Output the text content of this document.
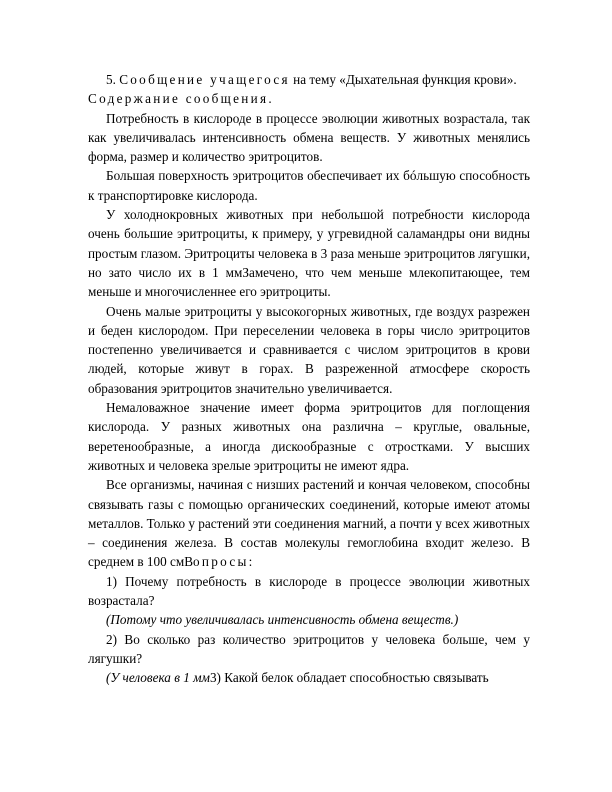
5. Сообщение учащегося на тему «Дыхательная функция крови».

Содержание сообщения.

Потребность в кислороде в процессе эволюции животных возрастала, так как увеличивалась интенсивность обмена веществ. У животных менялись форма, размер и количество эритроцитов.

Большая поверхность эритроцитов обеспечивает их бóльшую способность к транспортировке кислорода.

У холоднокровных животных при небольшой потребности кислорода очень большие эритроциты, к примеру, у угревидной саламандры они видны простым глазом. Эритроциты человека в 3 раза меньше эритроцитов лягушки, но зато число их в 1 ммЗамечено, что чем меньше млекопитающее, тем меньше и многочисленнее его эритроциты.

Очень малые эритроциты у высокогорных животных, где воздух разрежен и беден кислородом. При переселении человека в горы число эритроцитов постепенно увеличивается и сравнивается с числом эритроцитов в крови людей, которые живут в горах. В разреженной атмосфере скорость образования эритроцитов значительно увеличивается.

Немаловажное значение имеет форма эритроцитов для поглощения кислорода. У разных животных она различна – круглые, овальные, веретенообразные, а иногда дискообразные с отростками. У высших животных и человека зрелые эритроциты не имеют ядра.

Все организмы, начиная с низших растений и кончая человеком, способны связывать газы с помощью органических соединений, которые имеют атомы металлов. Только у растений эти соединения магний, а почти у всех животных – соединения железа. В состав молекулы гемоглобина входит железо. В среднем в 100 смВопросы:

1) Почему потребность в кислороде в процессе эволюции животных возрастала?

(Потому что увеличивалась интенсивность обмена веществ.)

2) Во сколько раз количество эритроцитов у человека больше, чем у лягушки?

(У человека в 1 мм3) Какой белок обладает способностью связывать
